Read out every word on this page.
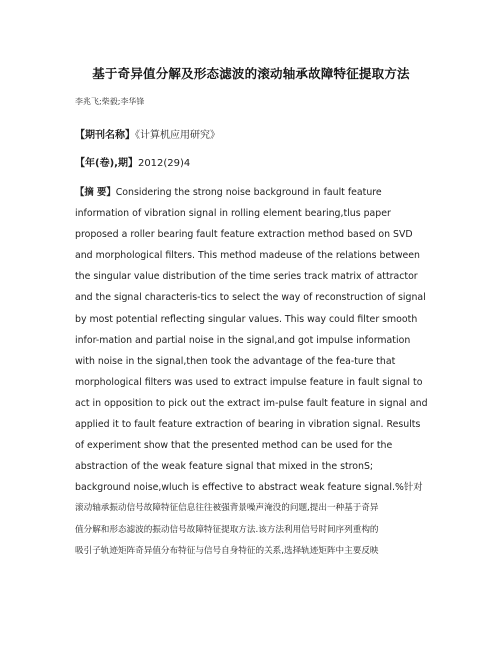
基于奇异值分解及形态滤波的滚动轴承故障特征提取方法
李兆飞;柴毅;李华锋
【期刊名称】《计算机应用研究》
【年(卷),期】2012(29)4
【摘 要】Considering the strong noise background in fault feature
information of vibration signal in rolling element bearing,tlus paper
proposed a roller bearing fault feature extraction method based on SVD
and morphological filters. This method madeuse of the relations between
the singular value distribution of the time series track matrix of attractor
and the signal characteris-tics to select the way of reconstruction of signal
by most potential reflecting singular values. This way could filter smooth
infor-mation and partial noise in the signal,and got impulse information
with noise in the signal,then took the advantage of the fea-ture that
morphological filters was used to extract impulse feature in fault signal to
act in opposition to pick out the extract im-pulse fault feature in signal and
applied it to fault feature extraction of bearing in vibration signal. Results
of experiment show that the presented method can be used for the
abstraction of the weak feature signal that mixed in the stronS;
background noise,wluch is effective to abstract weak feature signal.%针对
滚动轴承振动信号故障特征信息往往被强背景噪声淹没的问题,提出一种基于奇异
值分解和形态滤波的振动信号故障特征提取方法.该方法利用信号时间序列重构的
吸引子轨迹矩阵奇异值分布特征与信号自身特征的关系,选择轨迹矩阵中主要反映
